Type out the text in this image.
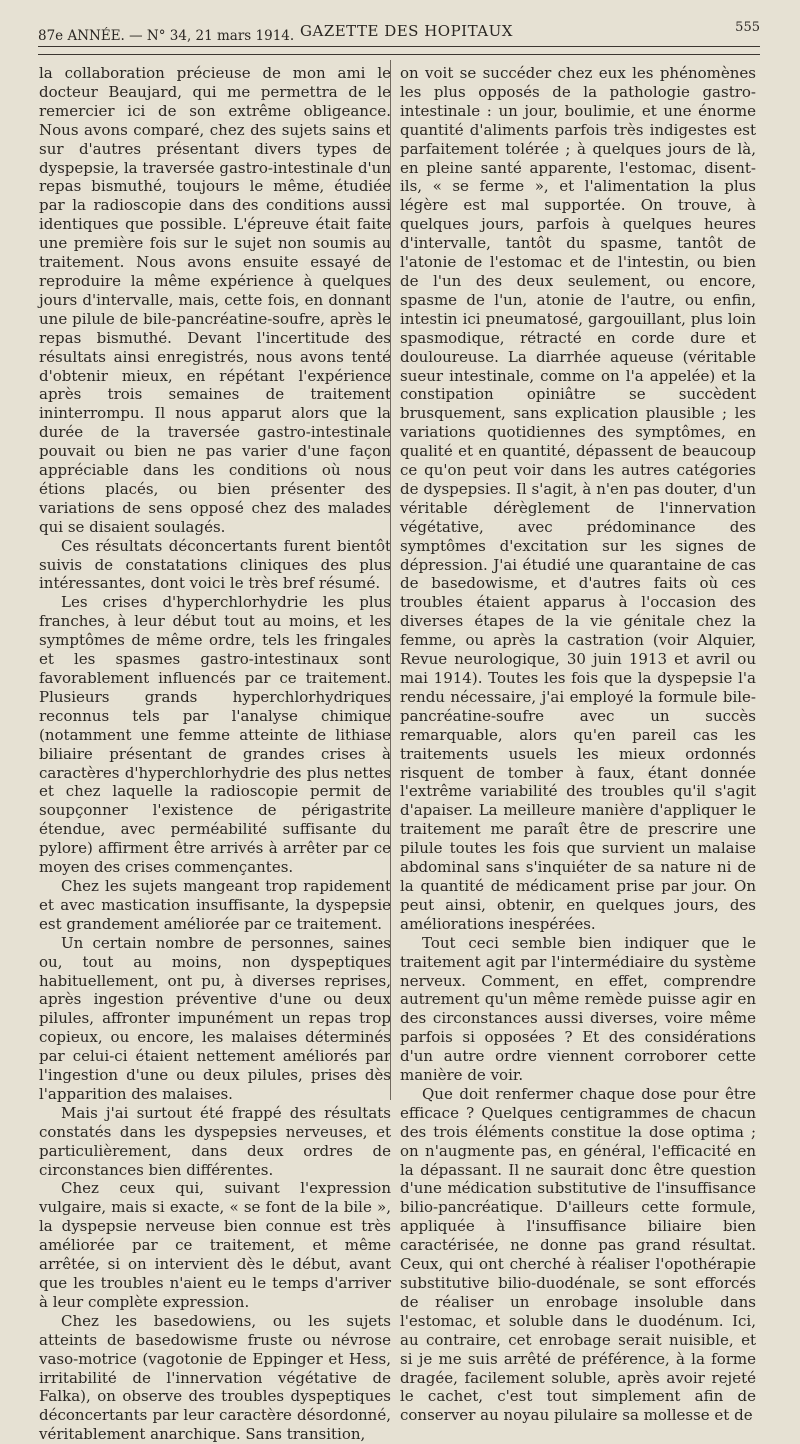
87e ANNÉE. — N° 34, 21 mars 1914. GAZETTE DES HOPITAUX	555

la collaboration précieuse de mon ami le docteur Beaujard, qui me permettra de le remercier ici de son extrême obligeance. Nous avons comparé, chez des sujets sains et sur d'autres présentant divers types de dyspepsie, la traversée gastro-intestinale d'un repas bismuthé, toujours le même, étudiée par la radioscopie dans des conditions aussi identiques que possible. L'épreuve était faite une première fois sur le sujet non soumis au traitement. Nous avons ensuite essayé de reproduire la même expérience à quelques jours d'intervalle, mais, cette fois, en donnant une pilule de bile-pancréatine-soufre, après le repas bismuthé. Devant l'incertitude des résultats ainsi enregistrés, nous avons tenté d'obtenir mieux, en répétant l'expérience après trois semaines de traitement ininterrompu. Il nous apparut alors que la durée de la traversée gastro-intestinale pouvait ou bien ne pas varier d'une façon appréciable dans les conditions où nous étions placés, ou bien présenter des variations de sens opposé chez des malades qui se disaient soulagés.

Ces résultats déconcertants furent bientôt suivis de constatations cliniques des plus intéressantes, dont voici le très bref résumé.

Les crises d'hyperchlorhydrie les plus franches, à leur début tout au moins, et les symptômes de même ordre, tels les fringales et les spasmes gastro-intestinaux sont favorablement influencés par ce traitement. Plusieurs grands hyperchlorhydriques reconnus tels par l'analyse chimique (notamment une femme atteinte de lithiase biliaire présentant de grandes crises à caractères d'hyperchlorhydrie des plus nettes et chez laquelle la radioscopie permit de soupçonner l'existence de périgastrite étendue, avec perméabilité suffisante du pylore) affirment être arrivés à arrêter par ce moyen des crises commençantes.

Chez les sujets mangeant trop rapidement et avec mastication insuffisante, la dyspepsie est grandement améliorée par ce traitement.

Un certain nombre de personnes, saines ou, tout au moins, non dyspeptiques habituellement, ont pu, à diverses reprises, après ingestion préventive d'une ou deux pilules, affronter impunément un repas trop copieux, ou encore, les malaises déterminés par celui-ci étaient nettement améliorés par l'ingestion d'une ou deux pilules, prises dès l'apparition des malaises.

Mais j'ai surtout été frappé des résultats constatés dans les dyspepsies nerveuses, et particulièrement, dans deux ordres de circonstances bien différentes.

Chez ceux qui, suivant l'expression vulgaire, mais si exacte, « se font de la bile », la dyspepsie nerveuse bien connue est très améliorée par ce traitement, et même arrêtée, si on intervient dès le début, avant que les troubles n'aient eu le temps d'arriver à leur complète expression.

Chez les basedowiens, ou les sujets atteints de basedowisme fruste ou névrose vaso-motrice (vagotonie de Eppinger et Hess, irritabilité de l'innervation végétative de Falka), on observe des troubles dyspeptiques déconcertants par leur caractère désordonné, véritablement anarchique. Sans transition,

on voit se succéder chez eux les phénomènes les plus opposés de la pathologie gastro-intestinale : un jour, boulimie, et une énorme quantité d'aliments parfois très indigestes est parfaitement tolérée ; à quelques jours de là, en pleine santé apparente, l'estomac, disent-ils, « se ferme », et l'alimentation la plus légère est mal supportée. On trouve, à quelques jours, parfois à quelques heures d'intervalle, tantôt du spasme, tantôt de l'atonie de l'estomac et de l'intestin, ou bien de l'un des deux seulement, ou encore, spasme de l'un, atonie de l'autre, ou enfin, intestin ici pneumatosé, gargouillant, plus loin spasmodique, rétracté en corde dure et douloureuse. La diarrhée aqueuse (véritable sueur intestinale, comme on l'a appelée) et la constipation opiniâtre se succèdent brusquement, sans explication plausible ; les variations quotidiennes des symptômes, en qualité et en quantité, dépassent de beaucoup ce qu'on peut voir dans les autres catégories de dyspepsies. Il s'agit, à n'en pas douter, d'un véritable dérèglement de l'innervation végétative, avec prédominance des symptômes d'excitation sur les signes de dépression. J'ai étudié une quarantaine de cas de basedowisme, et d'autres faits où ces troubles étaient apparus à l'occasion des diverses étapes de la vie génitale chez la femme, ou après la castration (voir Alquier, Revue neurologique, 30 juin 1913 et avril ou mai 1914). Toutes les fois que la dyspepsie l'a rendu nécessaire, j'ai employé la formule bile-pancréatine-soufre avec un succès remarquable, alors qu'en pareil cas les traitements usuels les mieux ordonnés risquent de tomber à faux, étant donnée l'extrême variabilité des troubles qu'il s'agit d'apaiser. La meilleure manière d'appliquer le traitement me paraît être de prescrire une pilule toutes les fois que survient un malaise abdominal sans s'inquiéter de sa nature ni de la quantité de médicament prise par jour. On peut ainsi, obtenir, en quelques jours, des améliorations inespérées.

Tout ceci semble bien indiquer que le traitement agit par l'intermédiaire du système nerveux. Comment, en effet, comprendre autrement qu'un même remède puisse agir en des circonstances aussi diverses, voire même parfois si opposées ? Et des considérations d'un autre ordre viennent corroborer cette manière de voir.

Que doit renfermer chaque dose pour être efficace ? Quelques centigrammes de chacun des trois éléments constitue la dose optima ; on n'augmente pas, en général, l'efficacité en la dépassant. Il ne saurait donc être question d'une médication substitutive de l'insuffisance bilio-pancréatique. D'ailleurs cette formule, appliquée à l'insuffisance biliaire bien caractérisée, ne donne pas grand résultat. Ceux, qui ont cherché à réaliser l'opothérapie substitutive bilio-duodénale, se sont efforcés de réaliser un enrobage insoluble dans l'estomac, et soluble dans le duodénum. Ici, au contraire, cet enrobage serait nuisible, et si je me suis arrêté de préférence, à la forme dragée, facilement soluble, après avoir rejeté le cachet, c'est tout simplement afin de conserver au noyau pilulaire sa mollesse et de
